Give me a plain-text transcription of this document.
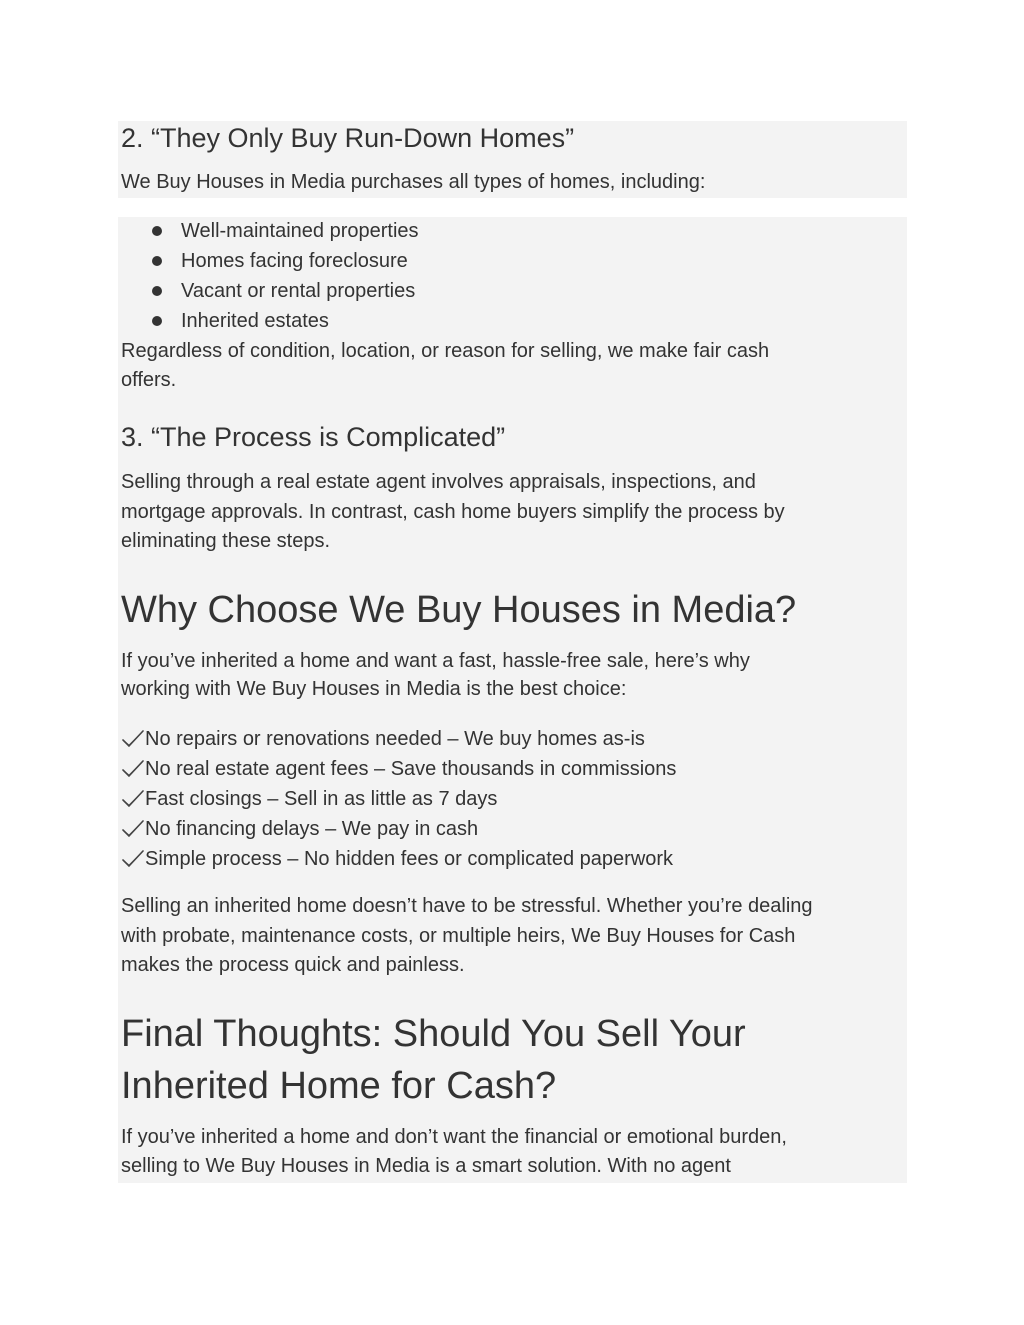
2. “They Only Buy Run-Down Homes”

We Buy Houses in Media purchases all types of homes, including:

Well-maintained properties
Homes facing foreclosure
Vacant or rental properties
Inherited estates

Regardless of condition, location, or reason for selling, we make fair cash

offers.

3. “The Process is Complicated”

Selling through a real estate agent involves appraisals, inspections, and

mortgage approvals. In contrast, cash home buyers simplify the process by

eliminating these steps.

Why Choose We Buy Houses in Media?

If you’ve inherited a home and want a fast, hassle-free sale, here’s why

working with We Buy Houses in Media is the best choice:

No repairs or renovations needed – We buy homes as-is
No real estate agent fees – Save thousands in commissions
Fast closings – Sell in as little as 7 days
No financing delays – We pay in cash
Simple process – No hidden fees or complicated paperwork

Selling an inherited home doesn’t have to be stressful. Whether you’re dealing

with probate, maintenance costs, or multiple heirs, We Buy Houses for Cash

makes the process quick and painless.

Final Thoughts: Should You Sell Your
Inherited Home for Cash?

If you’ve inherited a home and don’t want the financial or emotional burden,

selling to We Buy Houses in Media is a smart solution. With no agent
